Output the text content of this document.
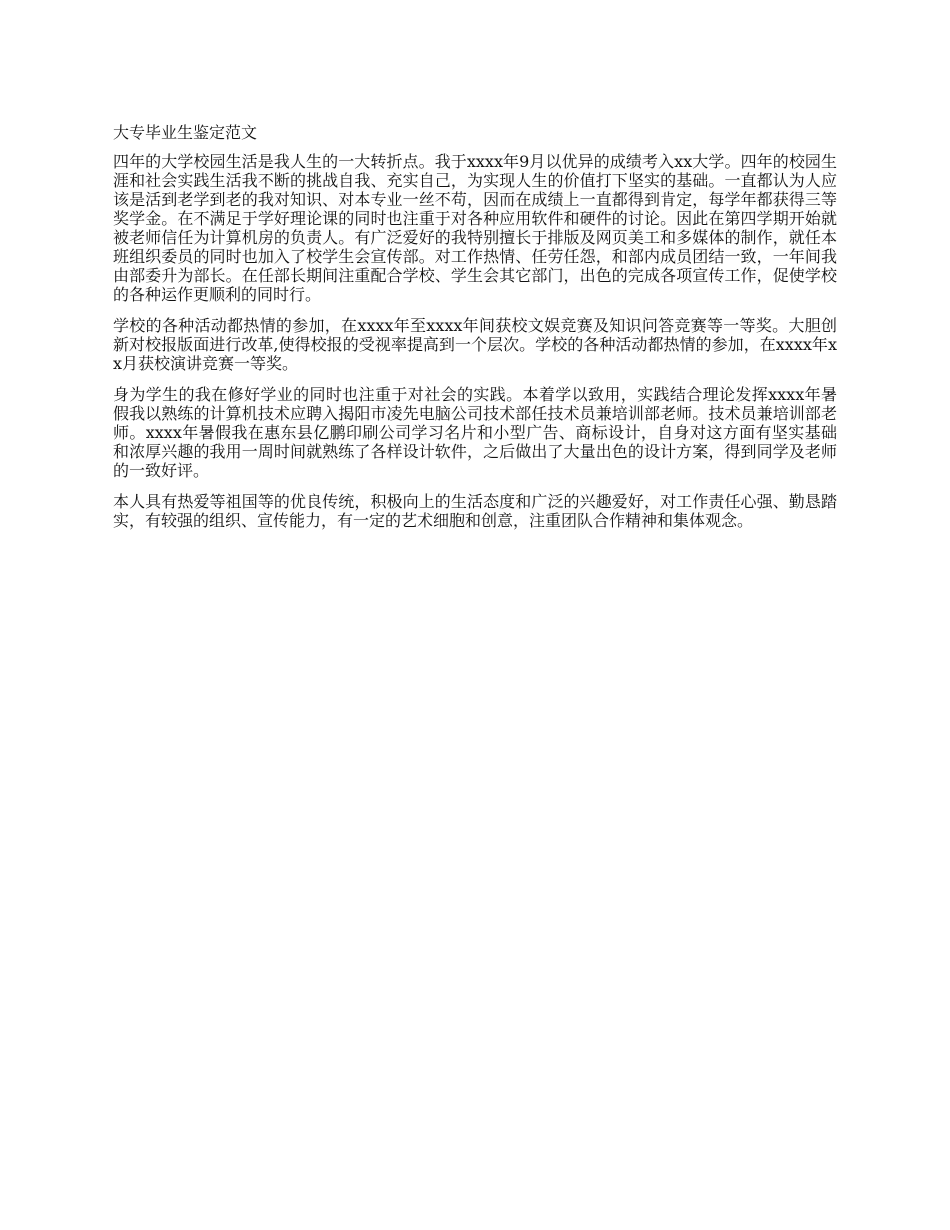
大专毕业生鉴定范文

四年的大学校园生活是我人生的一大转折点。我于xxxx年9月以优异的成绩考入xx大学。四年的校园生涯和社会实践生活我不断的挑战自我、充实自己，为实现人生的价值打下坚实的基础。一直都认为人应该是活到老学到老的我对知识、对本专业一丝不苟，因而在成绩上一直都得到肯定，每学年都获得三等奖学金。在不满足于学好理论课的同时也注重于对各种应用软件和硬件的讨论。因此在第四学期开始就被老师信任为计算机房的负责人。有广泛爱好的我特别擅长于排版及网页美工和多媒体的制作，就任本班组织委员的同时也加入了校学生会宣传部。对工作热情、任劳任怨，和部内成员团结一致，一年间我由部委升为部长。在任部长期间注重配合学校、学生会其它部门，出色的完成各项宣传工作，促使学校的各种运作更顺利的同时行。

学校的各种活动都热情的参加，在xxxx年至xxxx年间获校文娱竞赛及知识问答竞赛等一等奖。大胆创新对校报版面进行改革,使得校报的受视率提高到一个层次。学校的各种活动都热情的参加，在xxxx年xx月获校演讲竞赛一等奖。

身为学生的我在修好学业的同时也注重于对社会的实践。本着学以致用，实践结合理论发挥xxxx年暑假我以熟练的计算机技术应聘入揭阳市凌先电脑公司技术部任技术员兼培训部老师。技术员兼培训部老师。xxxx年暑假我在惠东县亿鹏印刷公司学习名片和小型广告、商标设计，自身对这方面有坚实基础和浓厚兴趣的我用一周时间就熟练了各样设计软件，之后做出了大量出色的设计方案，得到同学及老师的一致好评。

本人具有热爱等祖国等的优良传统，积极向上的生活态度和广泛的兴趣爱好，对工作责任心强、勤恳踏实，有较强的组织、宣传能力，有一定的艺术细胞和创意，注重团队合作精神和集体观念。
